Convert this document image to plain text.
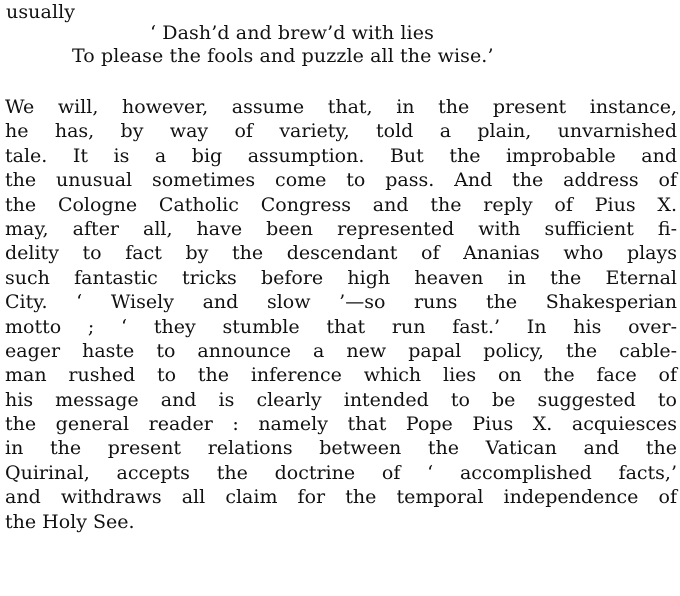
usually
‘ Dash’d and brew’d with lies
To please the fools and puzzle all the wise.’
We will, however, assume that, in the present instance,
he has, by way of variety, told a plain, unvarnished
tale. It is a big assumption. But the improbable and
the unusual sometimes come to pass. And the address of
the Cologne Catholic Congress and the reply of Pius X.
may, after all, have been represented with sufficient fi-
delity to fact by the descendant of Ananias who plays
such fantastic tricks before high heaven in the Eternal
City. ‘ Wisely and slow ’—so runs the Shakesperian
motto ; ‘ they stumble that run fast.’ In his over-
eager haste to announce a new papal policy, the cable-
man rushed to the inference which lies on the face of
his message and is clearly intended to be suggested to
the general reader : namely that Pope Pius X. acquiesces
in the present relations between the Vatican and the
Quirinal, accepts the doctrine of ‘ accomplished facts,’
and withdraws all claim for the temporal independence of
the Holy See.
